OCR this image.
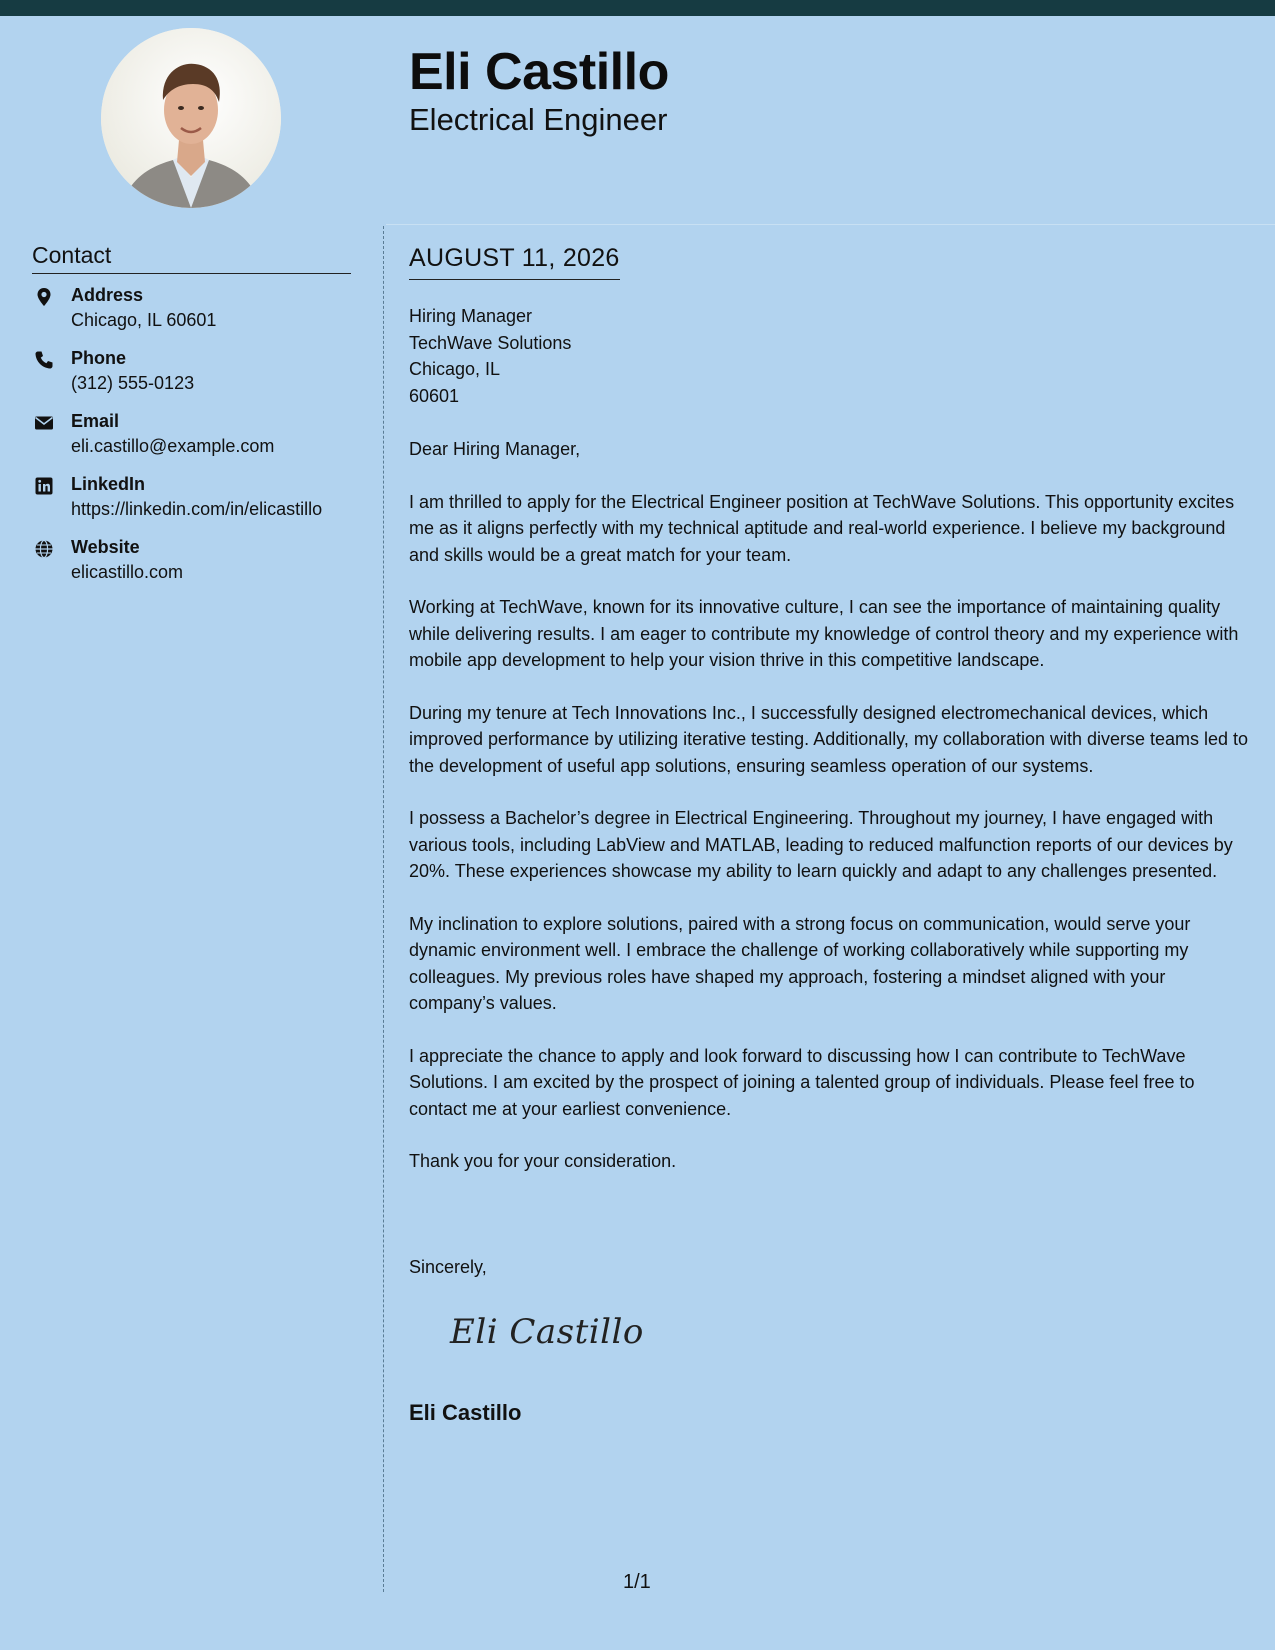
Eli Castillo
Electrical Engineer
Contact
Address
Chicago, IL 60601
Phone
(312) 555-0123
Email
eli.castillo@example.com
LinkedIn
https://linkedin.com/in/elicastillo
Website
elicastillo.com
AUGUST 11, 2026
Hiring Manager
TechWave Solutions
Chicago, IL
60601
Dear Hiring Manager,

I am thrilled to apply for the Electrical Engineer position at TechWave Solutions. This opportunity excites me as it aligns perfectly with my technical aptitude and real-world experience. I believe my background and skills would be a great match for your team.

Working at TechWave, known for its innovative culture, I can see the importance of maintaining quality while delivering results. I am eager to contribute my knowledge of control theory and my experience with mobile app development to help your vision thrive in this competitive landscape.

During my tenure at Tech Innovations Inc., I successfully designed electromechanical devices, which improved performance by utilizing iterative testing. Additionally, my collaboration with diverse teams led to the development of useful app solutions, ensuring seamless operation of our systems.

I possess a Bachelor’s degree in Electrical Engineering. Throughout my journey, I have engaged with various tools, including LabView and MATLAB, leading to reduced malfunction reports of our devices by 20%. These experiences showcase my ability to learn quickly and adapt to any challenges presented.

My inclination to explore solutions, paired with a strong focus on communication, would serve your dynamic environment well. I embrace the challenge of working collaboratively while supporting my colleagues. My previous roles have shaped my approach, fostering a mindset aligned with your company’s values.

I appreciate the chance to apply and look forward to discussing how I can contribute to TechWave Solutions. I am excited by the prospect of joining a talented group of individuals. Please feel free to contact me at your earliest convenience.

Thank you for your consideration.

Sincerely,
Eli Castillo
Eli Castillo
1/1
